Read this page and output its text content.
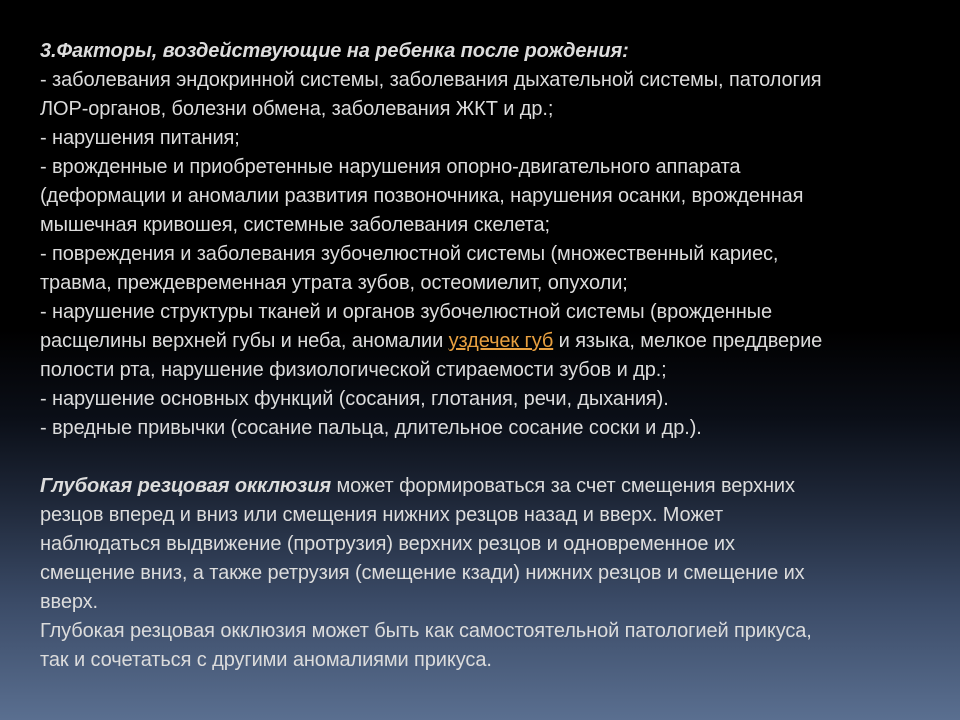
3.Факторы, воздействующие на ребенка после рождения:
- заболевания эндокринной системы, заболевания дыхательной системы, патология
ЛОР-органов, болезни обмена, заболевания ЖКТ и др.;
- нарушения питания;
- врожденные и приобретенные нарушения опорно-двигательного аппарата
(деформации и аномалии развития позвоночника, нарушения осанки, врожденная
мышечная кривошея, системные заболевания скелета;
- повреждения и заболевания зубочелюстной системы (множественный кариес,
травма, преждевременная утрата зубов, остеомиелит, опухоли;
- нарушение структуры тканей и органов зубочелюстной системы (врожденные
расщелины верхней губы и неба, аномалии уздечек губ и языка, мелкое преддверие
полости рта, нарушение физиологической стираемости зубов и др.;
- нарушение основных функций (сосания, глотания, речи, дыхания).
- вредные привычки (сосание пальца, длительное сосание соски и др.).
Глубокая резцовая окклюзия может формироваться за счет смещения верхних
резцов вперед и вниз или смещения нижних резцов назад и вверх. Может
наблюдаться выдвижение (протрузия) верхних резцов и одновременное их
смещение вниз, а также ретрузия (смещение кзади) нижних резцов и смещение их
вверх.
Глубокая резцовая окклюзия может быть как самостоятельной патологией прикуса,
так и сочетаться с другими аномалиями прикуса.
